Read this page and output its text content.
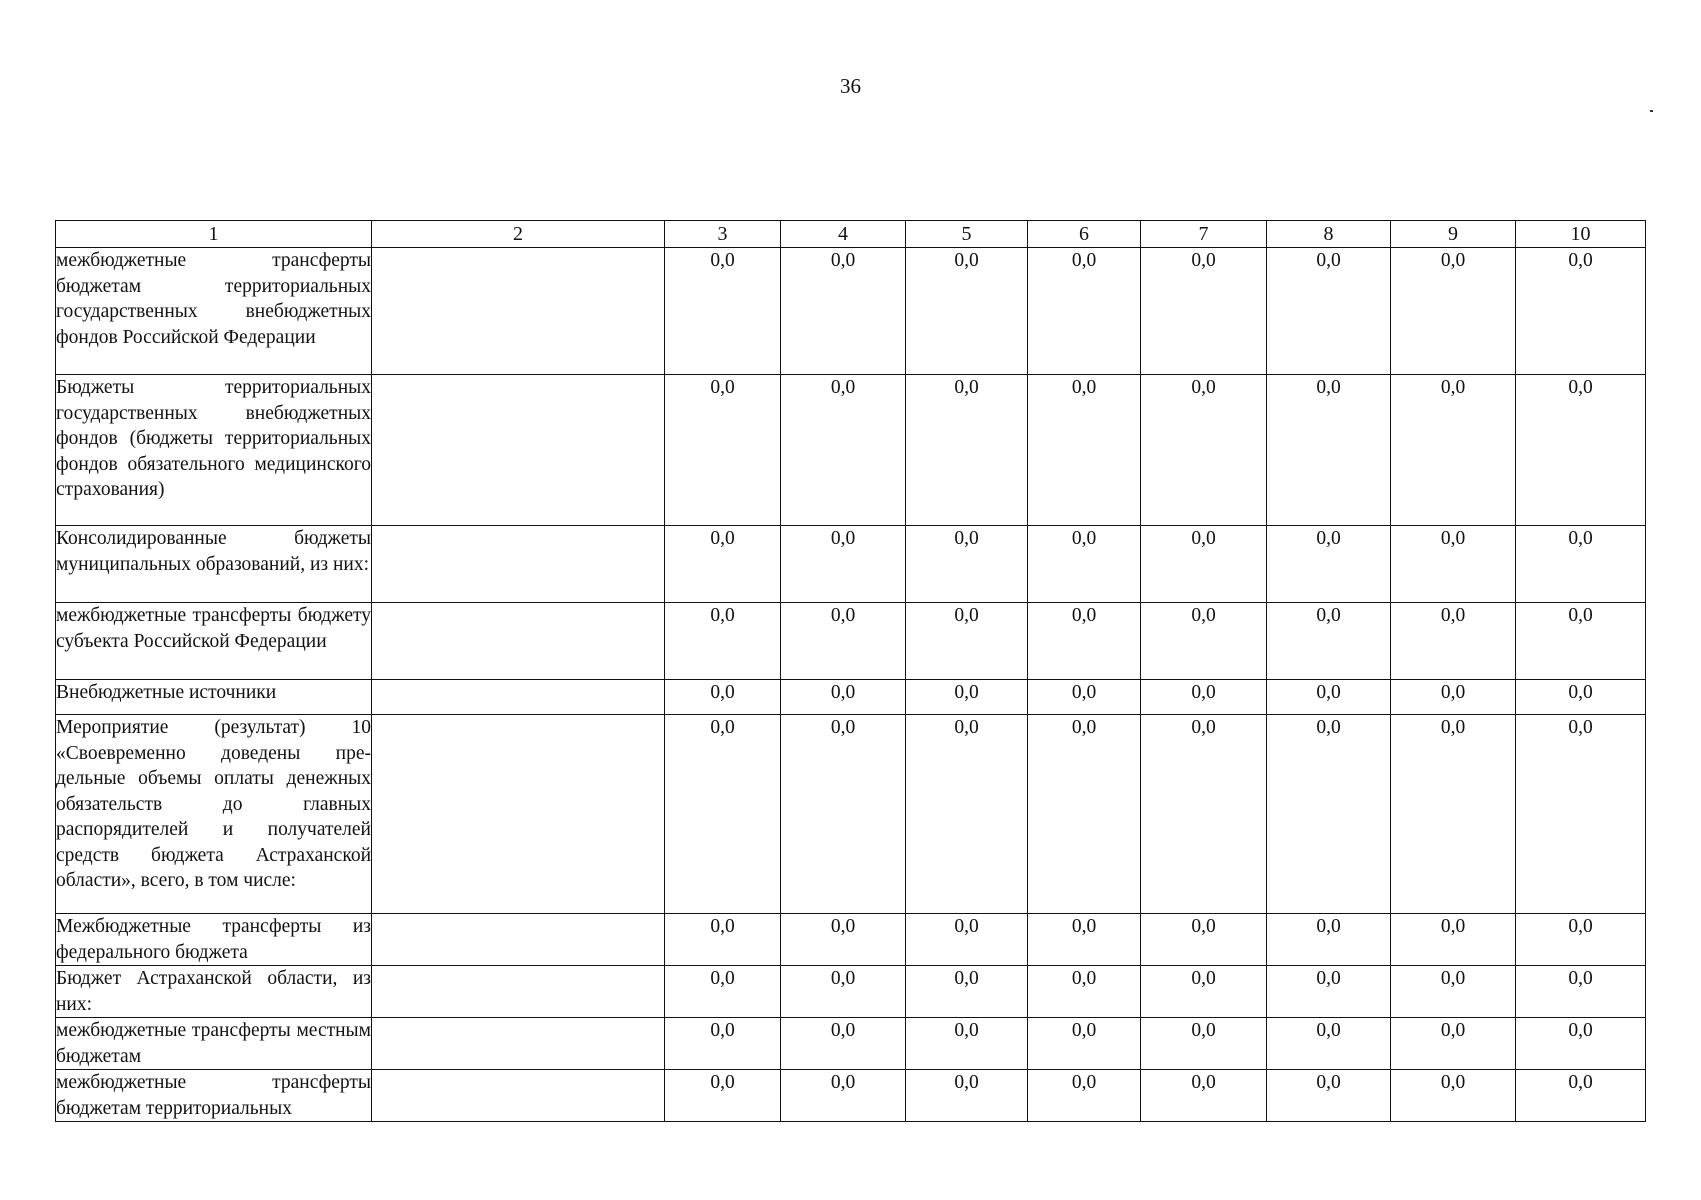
36
1	2	3	4	5	6	7	8	9	10
межбюджетные трансферты бюджетам территориальных государственных внебюджетных фондов Российской Федерации		0,0	0,0	0,0	0,0	0,0	0,0	0,0	0,0
Бюджеты территориальных государственных внебюджетных фондов (бюджеты территориальных фондов обязательного медицинского страхования)		0,0	0,0	0,0	0,0	0,0	0,0	0,0	0,0
Консолидированные бюджеты муниципальных образований, из них:		0,0	0,0	0,0	0,0	0,0	0,0	0,0	0,0
межбюджетные трансферты бюджету субъекта Российской Федерации		0,0	0,0	0,0	0,0	0,0	0,0	0,0	0,0
Внебюджетные источники		0,0	0,0	0,0	0,0	0,0	0,0	0,0	0,0
Мероприятие (результат) 10 «Своевременно доведены предельные объемы оплаты денежных обязательств до главных распорядителей и получателей средств бюджета Астраханской области», всего, в том числе:		0,0	0,0	0,0	0,0	0,0	0,0	0,0	0,0
Межбюджетные трансферты из федерального бюджета		0,0	0,0	0,0	0,0	0,0	0,0	0,0	0,0
Бюджет Астраханской области, из них:		0,0	0,0	0,0	0,0	0,0	0,0	0,0	0,0
межбюджетные трансферты местным бюджетам		0,0	0,0	0,0	0,0	0,0	0,0	0,0	0,0
межбюджетные трансферты бюджетам территориальных		0,0	0,0	0,0	0,0	0,0	0,0	0,0	0,0
